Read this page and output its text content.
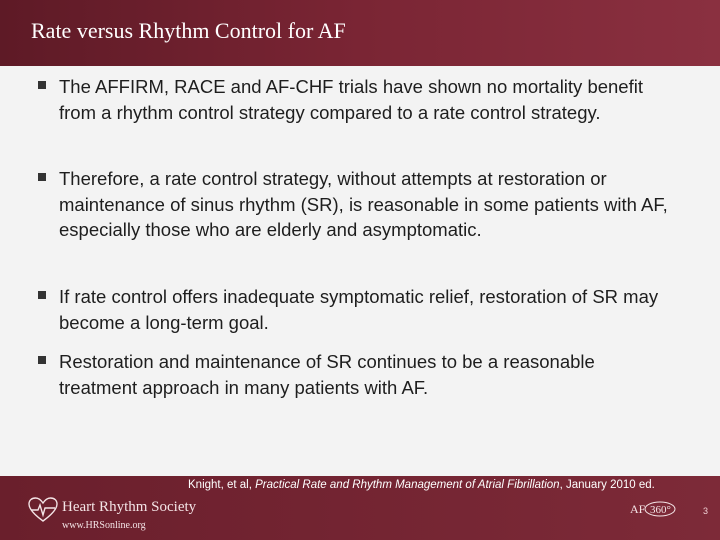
Rate versus Rhythm Control for AF
The AFFIRM, RACE and AF-CHF trials have shown no mortality benefit from a rhythm control strategy compared to a rate control strategy.
Therefore, a rate control strategy, without attempts at restoration or maintenance of sinus rhythm (SR), is reasonable in some patients with AF, especially those who are elderly and asymptomatic.
If rate control offers inadequate symptomatic relief, restoration of SR may become a long-term goal.
Restoration and maintenance of SR continues to be a reasonable treatment approach in many patients with AF.
Knight, et al, Practical Rate and Rhythm Management of Atrial Fibrillation, January 2010 ed.
Heart Rhythm Society
www.HRSonline.org
AF 360°	3
